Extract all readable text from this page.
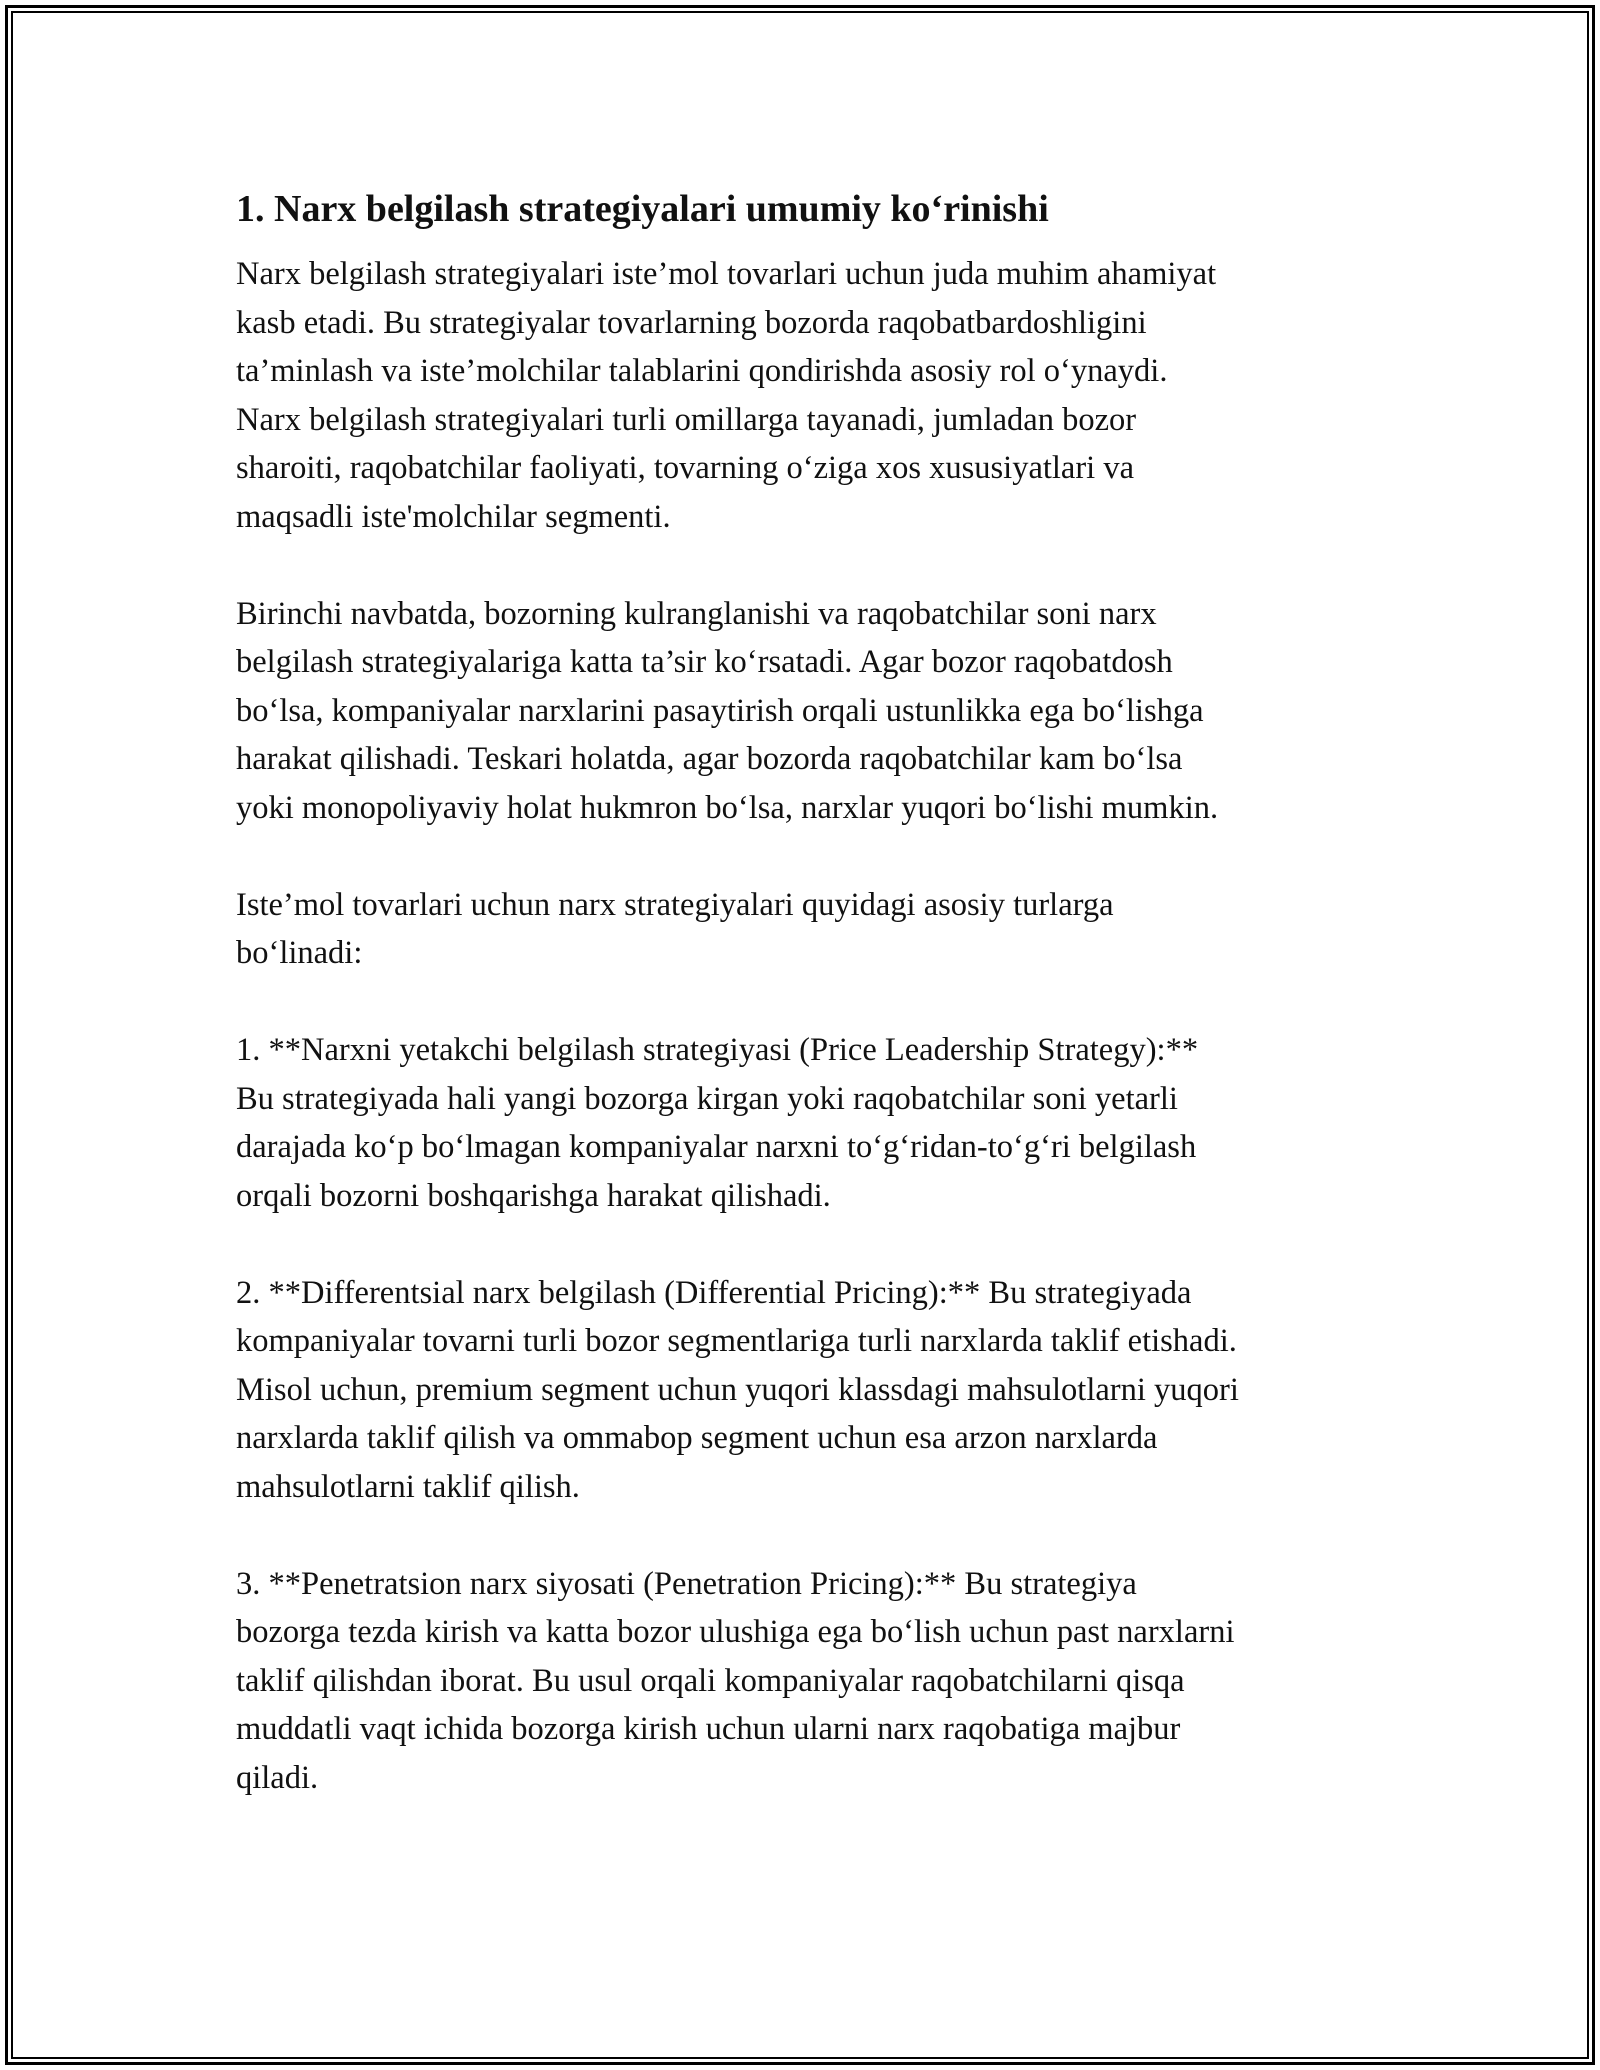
1. Narx belgilash strategiyalari umumiy ko‘rinishi
Narx belgilash strategiyalari iste’mol tovarlari uchun juda muhim ahamiyat
kasb etadi. Bu strategiyalar tovarlarning bozorda raqobatbardoshligini
ta’minlash va iste’molchilar talablarini qondirishda asosiy rol o‘ynaydi.
Narx belgilash strategiyalari turli omillarga tayanadi, jumladan bozor
sharoiti, raqobatchilar faoliyati, tovarning o‘ziga xos xususiyatlari va
maqsadli iste'molchilar segmenti.
Birinchi navbatda, bozorning kulranglanishi va raqobatchilar soni narx
belgilash strategiyalariga katta ta’sir ko‘rsatadi. Agar bozor raqobatdosh
bo‘lsa, kompaniyalar narxlarini pasaytirish orqali ustunlikka ega bo‘lishga
harakat qilishadi. Teskari holatda, agar bozorda raqobatchilar kam bo‘lsa
yoki monopoliyaviy holat hukmron bo‘lsa, narxlar yuqori bo‘lishi mumkin.
Iste’mol tovarlari uchun narx strategiyalari quyidagi asosiy turlarga
bo‘linadi:
1. **Narxni yetakchi belgilash strategiyasi (Price Leadership Strategy):**
Bu strategiyada hali yangi bozorga kirgan yoki raqobatchilar soni yetarli
darajada ko‘p bo‘lmagan kompaniyalar narxni to‘g‘ridan-to‘g‘ri belgilash
orqali bozorni boshqarishga harakat qilishadi.
2. **Differentsial narx belgilash (Differential Pricing):** Bu strategiyada
kompaniyalar tovarni turli bozor segmentlariga turli narxlarda taklif etishadi.
Misol uchun, premium segment uchun yuqori klassdagi mahsulotlarni yuqori
narxlarda taklif qilish va ommabop segment uchun esa arzon narxlarda
mahsulotlarni taklif qilish.
3. **Penetratsion narx siyosati (Penetration Pricing):** Bu strategiya
bozorga tezda kirish va katta bozor ulushiga ega bo‘lish uchun past narxlarni
taklif qilishdan iborat. Bu usul orqali kompaniyalar raqobatchilarni qisqa
muddatli vaqt ichida bozorga kirish uchun ularni narx raqobatiga majbur
qiladi.
